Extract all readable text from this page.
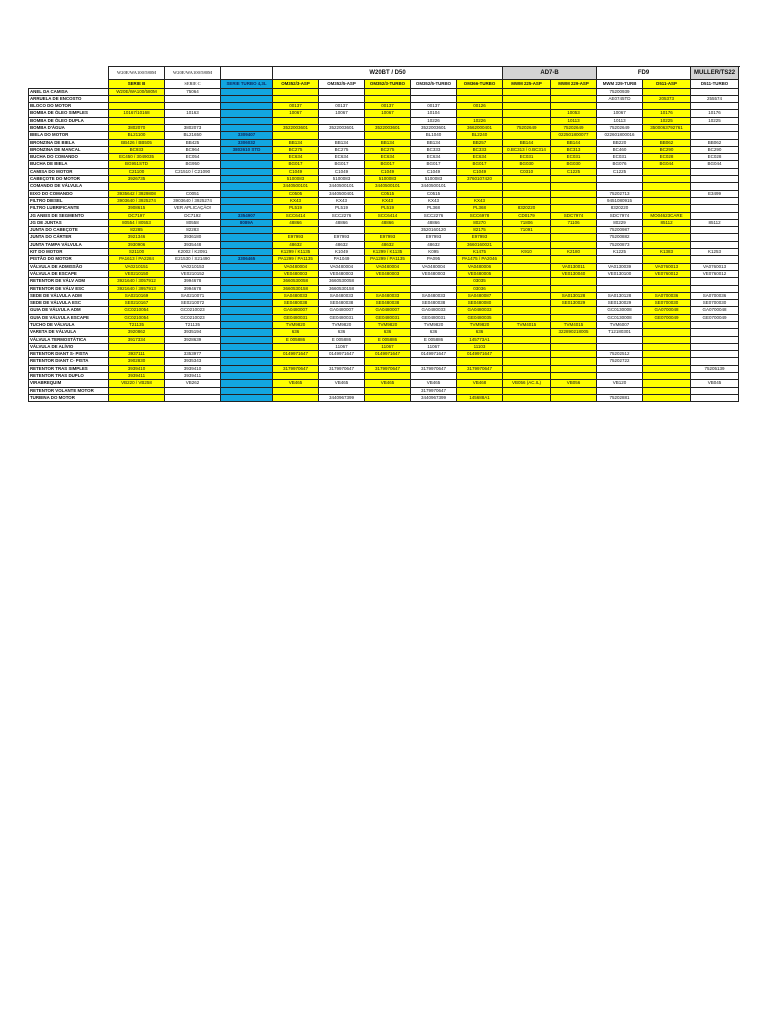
	W20E/WA100/580M	W20E/WA100/580M		W20BT / D50					AD7-B		FD9		MULLER/TS22
	SERIE B	SERIE C	SERIE TURBO 4,3L	OM352/3-ASP	OM352/5-ASP	OM352/3-TURBO	OM352/5-TURBO	OM366-TURBO	MWM 225-ASP	MWM 229-ASP	MWM 229-TURB	D511-ASP	D511-TURBO
ANEL DA CAMISA	W20E/WA100/580M	75064									75200939		
ARRUELA DE ENCOSTO											AE0745TD	205373	255574
BLOCO DO MOTOR				00137	00137	00137	00137	00126					
BOMBA DE ÓLEO SIMPLES	10167/10168	10163		10067	10067	10067	10104			10053	10067	10176	10176
BOMBA DE ÓLEO DUPLA							10226	10226		10113	10113	10225	10225
BOMBA D'ÁGUA	3802070	3802073		3522003601	3522003601	3522003601	3522003601	3662000401	75202649	75202649	75202649	3500063792761	
BIELA DO MOTOR	BL21100	BL21650	3309407				BL1040	BL2240		022501800077	022601800016		
BRONZINA DE BIELA	BB426 / BB505	BB425	3306032	BB134	BB134	BB134	BB134	BB257	BB144	BB144	BB220	BB062	BB062
BRONZINA DE MANCAL	BC933	BC964	3802610 STD	BC275	BC275	BC275	BC333	BC333	0.BC313 / 0.BC314	BC313	BC460	BC290	BC290
BUCHA DO COMANDO	EC450 / 3049035	EC054		EC634	EC634	EC634	EC634	EC634	EC031	EC031	EC031	EC028	EC028
BUCHA DE BIELA	BG951STD	BG950		BG017	BG017	BG017	BG017	BG017	BG030	BG030	BG076	BG044	BG044
CAMISA DO MOTOR	C21100	C21510 / C21090		C1049	C1049	C1049	C1049	C1049	C0310	C1225	C1225		
CABEÇOTE DO MOTOR	3926735			5100083	5100083	5100083	5100083	3760107420					
COMANDO DE VÁLVULA				3440500101	3440500101	3440500101	3440500101						
EIXO DO COMANDO	3935642 / 3929808	C0051		C0505	3440500401	C0515	C0515				75202713		E3499
FILTRO DIESEL	3903640 / 3925274	3903640 / 3925274		KX43	KX43	KX43	KX43	KX43			9451080915		
FILTRO LUBRIFICANTE	3908615	VER APLICAÇÃO!		PL519	PL519	PL519	PL368	PL368	8320220		8320220		
JG ANEIS DE SEGMENTO	DC7197	DC7192	3354907	SCC6414	SCC2276	SCC6414	SCC2276	SCC6978	CD0179	SDC7974	SDC7974	MO04623CARE	
JG DE JUNTAS	80554 / 80553	80558	8089A	48866	48866	48866	48866	80270	71806	71106	80229	85112	85112
JUNTA DO CABEÇOTE	82285	82283					3520160120	82175	71091		75200987		
JUNTA DO CÁRTER	3921346	3936180		E97993	E97993	E97993	E97993	E97993			75200882		
JUNTA TAMPA VÁLVULA	3930906	3935448		48632	48632	48632	48632	3660160021			75200873		
KIT DO MOTOR	S21100	K2002 / K2091		K1299 / K1135	K1049	K1299 / K1135	K095	K1475	K910	K2180	K1225	K1383	K1253
PISTÃO DO MOTOR	PA1613 / PA2284	E21530 / S21490	3306465	PA1299 / PA1135	PA1049	PA1299 / PA1135	PA095	PA1475 / PA2046					
VÁLVULA DE ADMISSÃO	VA0210151	VA0210153		VA0480004	VA0480004	VA0480004	VA0480004	VA0480006		VA0130011	VA0130039	VA0760013	VA0760013
VÁLVULA DE ESCAPE	VE0210150	VE0210152		VE0480003	VE0480003	VE0480003	VE0480003	VE0480005		VE0130040	VE0130100	VE0760012	VE0760012
RETENTOR DE VÁLV ADM	3921640 / 3057912	3994678		3660530058	3660530058			03035					
RETENTOR DE VÁLV ESC	3921640 / 3957913	3994678		3660530158	3660530158			03036					
SEDE DE VÁLVULA ADM	SA0210169	SA0210071		SA0480033	SA0480033	SA0480033	SA0480033	SA0480087		SA0130128	SA0130128	SA0700036	SA0700036
SEDE DE VÁLVULA ESC	SE0210167	SE0210072		SE0480038	SE0480038	SE0480038	SE0480038	SE0480080		SE0130029	SE0130029	SE0700030	SE0700030
GUIA DE VÁLVULA ADM	GC0210054	GC0210023		GA0480007	GA0480007	GA0480007	GA0480033	GA0480033			GC0130008	GA0700048	GA0700048
GUIA DE VÁLVULA ESCAPE	GC0210054	GC0210023		GE0480031	GE0480031	GE0480031	GE0480031	GE0480035			GC0130008	GE0700049	GE0700049
TUCHO DE VÁLVULA	T21135	T21135		TVM9820	TVM9820	TVM9820	TVM9820	TVM9820	TVM4015	TVM4015	TVM6007		
VARETA DE VÁLVULA	3920862	3935194		636	636	636	636	636		322890218005	T12180301		
VÁLVULA TERMOSTÁTICA	3917334	3928639		E 005886	E 005886	E 005886	E 005886	145773A1					
VÁLVULA DE ALÍVIO					11067	11067	11067	11103					
RETENTOR DIANT S- PISTA	3937111	3353977		0149971647	0149971647	0149971647	0149971647	0149971647			75202512		
RETENTOR DIANT C- PISTA	3902830	3935343									75202722		
RETENTOR TRAS SIMPLES	3939410	3939410		3179970647	3179970647	3179970647	3179970647	3179970647					75205139
RETENTOR TRAS DUPLO	3939411	3939411											
VIRABREQUIM	VB220 / VB258	VB262		VB465	VB465	VB465	VB465	VB468	VB056 (AC.IL)	VB056	VB120		VB045
RETENTOR VOLANTE MOTOR							3179970647						
TURBINA DO MOTOR					3440967399		3440967399	145688A1			75202881		
